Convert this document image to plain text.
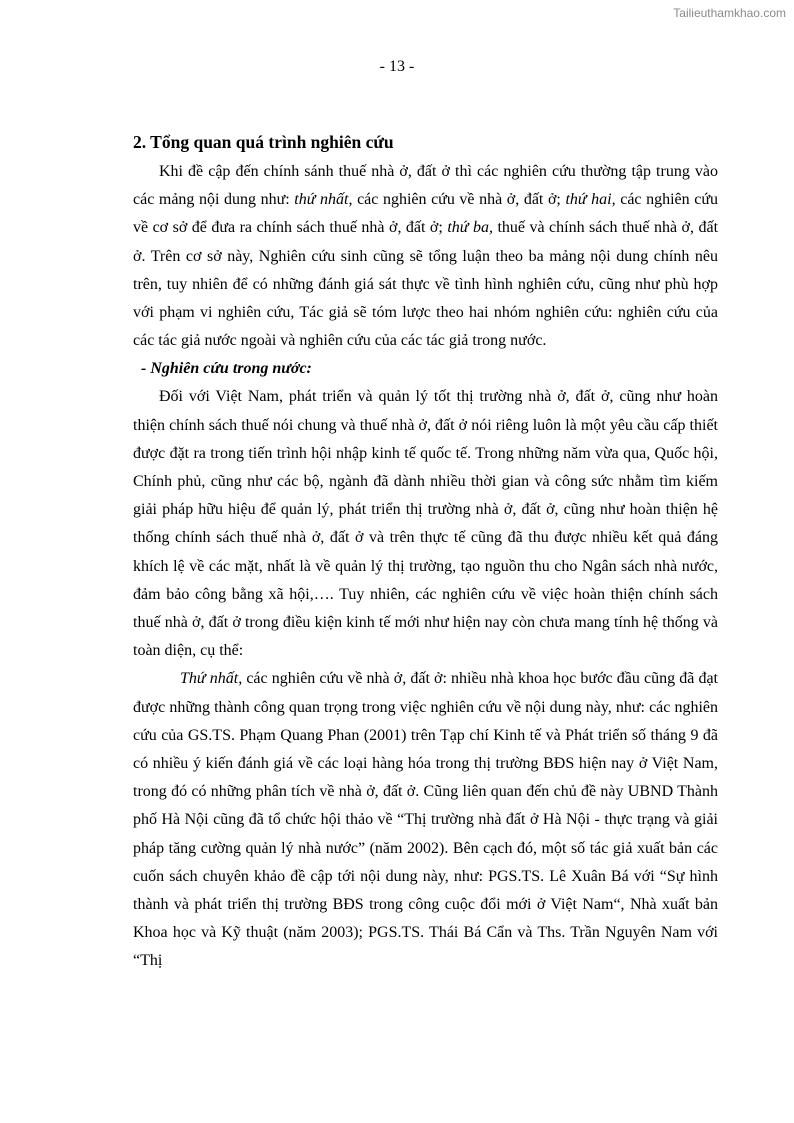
Tailieuthamkhao.com
- 13 -
2. Tổng quan quá trình nghiên cứu

Khi đề cập đến chính sánh thuế nhà ở, đất ở thì các nghiên cứu thường tập trung vào các mảng nội dung như: thứ nhất, các nghiên cứu về nhà ở, đất ở; thứ hai, các nghiên cứu về cơ sở để đưa ra chính sách thuế nhà ở, đất ở; thứ ba, thuế và chính sách thuế nhà ở, đất ở. Trên cơ sở này, Nghiên cứu sinh cũng sẽ tổng luận theo ba mảng nội dung chính nêu trên, tuy nhiên để có những đánh giá sát thực về tình hình nghiên cứu, cũng như phù hợp với phạm vi nghiên cứu, Tác giả sẽ tóm lược theo hai nhóm nghiên cứu: nghiên cứu của các tác giả nước ngoài và nghiên cứu của các tác giả trong nước.

- Nghiên cứu trong nước:

Đối với Việt Nam, phát triển và quản lý tốt thị trường nhà ở, đất ở, cũng như hoàn thiện chính sách thuế nói chung và thuế nhà ở, đất ở nói riêng luôn là một yêu cầu cấp thiết được đặt ra trong tiến trình hội nhập kinh tế quốc tế. Trong những năm vừa qua, Quốc hội, Chính phủ, cũng như các bộ, ngành đã dành nhiều thời gian và công sức nhằm tìm kiếm giải pháp hữu hiệu để quản lý, phát triển thị trường nhà ở, đất ở, cũng như hoàn thiện hệ thống chính sách thuế nhà ở, đất ở và trên thực tế cũng đã thu được nhiều kết quả đáng khích lệ về các mặt, nhất là về quản lý thị trường, tạo nguồn thu cho Ngân sách nhà nước, đảm bảo công bằng xã hội,…. Tuy nhiên, các nghiên cứu về việc hoàn thiện chính sách thuế nhà ở, đất ở trong điều kiện kinh tế mới như hiện nay còn chưa mang tính hệ thống và toàn diện, cụ thể:

Thứ nhất, các nghiên cứu về nhà ở, đất ở: nhiều nhà khoa học bước đầu cũng đã đạt được những thành công quan trọng trong việc nghiên cứu về nội dung này, như: các nghiên cứu của GS.TS. Phạm Quang Phan (2001) trên Tạp chí Kinh tế và Phát triển số tháng 9 đã có nhiều ý kiến đánh giá về các loại hàng hóa trong thị trường BĐS hiện nay ở Việt Nam, trong đó có những phân tích về nhà ở, đất ở. Cũng liên quan đến chủ đề này UBND Thành phố Hà Nội cũng đã tổ chức hội thảo về “Thị trường nhà đất ở Hà Nội - thực trạng và giải pháp tăng cường quản lý nhà nước” (năm 2002). Bên cạch đó, một số tác giả xuất bản các cuốn sách chuyên khảo đề cập tới nội dung này, như: PGS.TS. Lê Xuân Bá với “Sự hình thành và phát triển thị trường BĐS trong công cuộc đổi mới ở Việt Nam“, Nhà xuất bản Khoa học và Kỹ thuật (năm 2003); PGS.TS. Thái Bá Cẩn và Ths. Trần Nguyên Nam với “Thị
